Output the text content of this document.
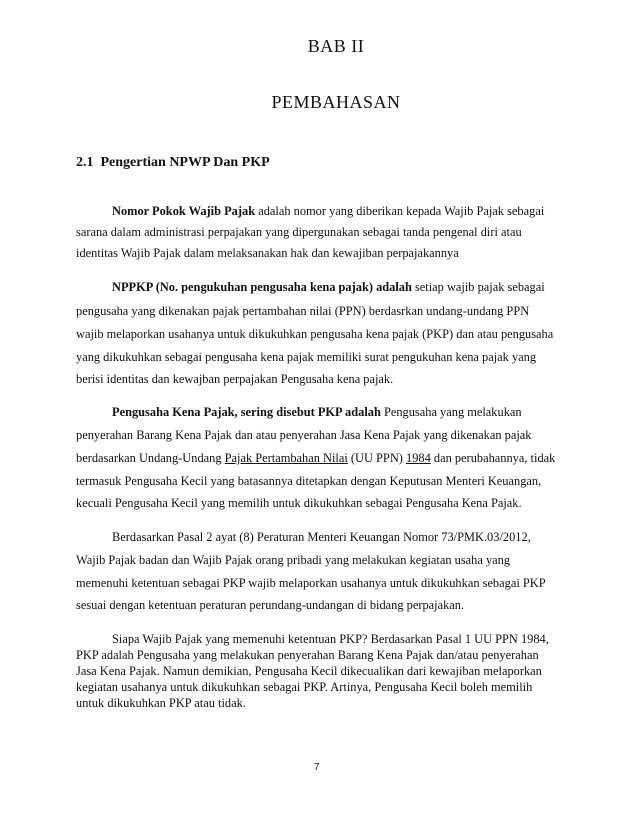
BAB II
PEMBAHASAN
2.1 Pengertian NPWP Dan PKP
Nomor Pokok Wajib Pajak adalah nomor yang diberikan kepada Wajib Pajak sebagai
sarana dalam administrasi perpajakan yang dipergunakan sebagai tanda pengenal diri atau
identitas Wajib Pajak dalam melaksanakan hak dan kewajiban perpajakannya
NPPKP (No. pengukuhan pengusaha kena pajak) adalah setiap wajib pajak sebagai
pengusaha yang dikenakan pajak pertambahan nilai (PPN) berdasrkan undang-undang PPN
wajib melaporkan usahanya untuk dikukuhkan pengusaha kena pajak (PKP) dan atau pengusaha
yang dikukuhkan sebagai pengusaha kena pajak memiliki surat pengukuhan kena pajak yang
berisi identitas dan kewajban perpajakan Pengusaha kena pajak.
Pengusaha Kena Pajak, sering disebut PKP adalah Pengusaha yang melakukan
penyerahan Barang Kena Pajak dan atau penyerahan Jasa Kena Pajak yang dikenakan pajak
berdasarkan Undang-Undang Pajak Pertambahan Nilai (UU PPN) 1984 dan perubahannya, tidak
termasuk Pengusaha Kecil yang batasannya ditetapkan dengan Keputusan Menteri Keuangan,
kecuali Pengusaha Kecil yang memilih untuk dikukuhkan sebagai Pengusaha Kena Pajak.
Berdasarkan Pasal 2 ayat (8) Peraturan Menteri Keuangan Nomor 73/PMK.03/2012,
Wajib Pajak badan dan Wajib Pajak orang pribadi yang melakukan kegiatan usaha yang
memenuhi ketentuan sebagai PKP wajib melaporkan usahanya untuk dikukuhkan sebagai PKP
sesuai dengan ketentuan peraturan perundang-undangan di bidang perpajakan.
Siapa Wajib Pajak yang memenuhi ketentuan PKP? Berdasarkan Pasal 1 UU PPN 1984,
PKP adalah Pengusaha yang melakukan penyerahan Barang Kena Pajak dan/atau penyerahan
Jasa Kena Pajak. Namun demikian, Pengusaha Kecil dikecualikan dari kewajiban melaporkan
kegiatan usahanya untuk dikukuhkan sebagai PKP. Artinya, Pengusaha Kecil boleh memilih
untuk dikukuhkan PKP atau tidak.
7
